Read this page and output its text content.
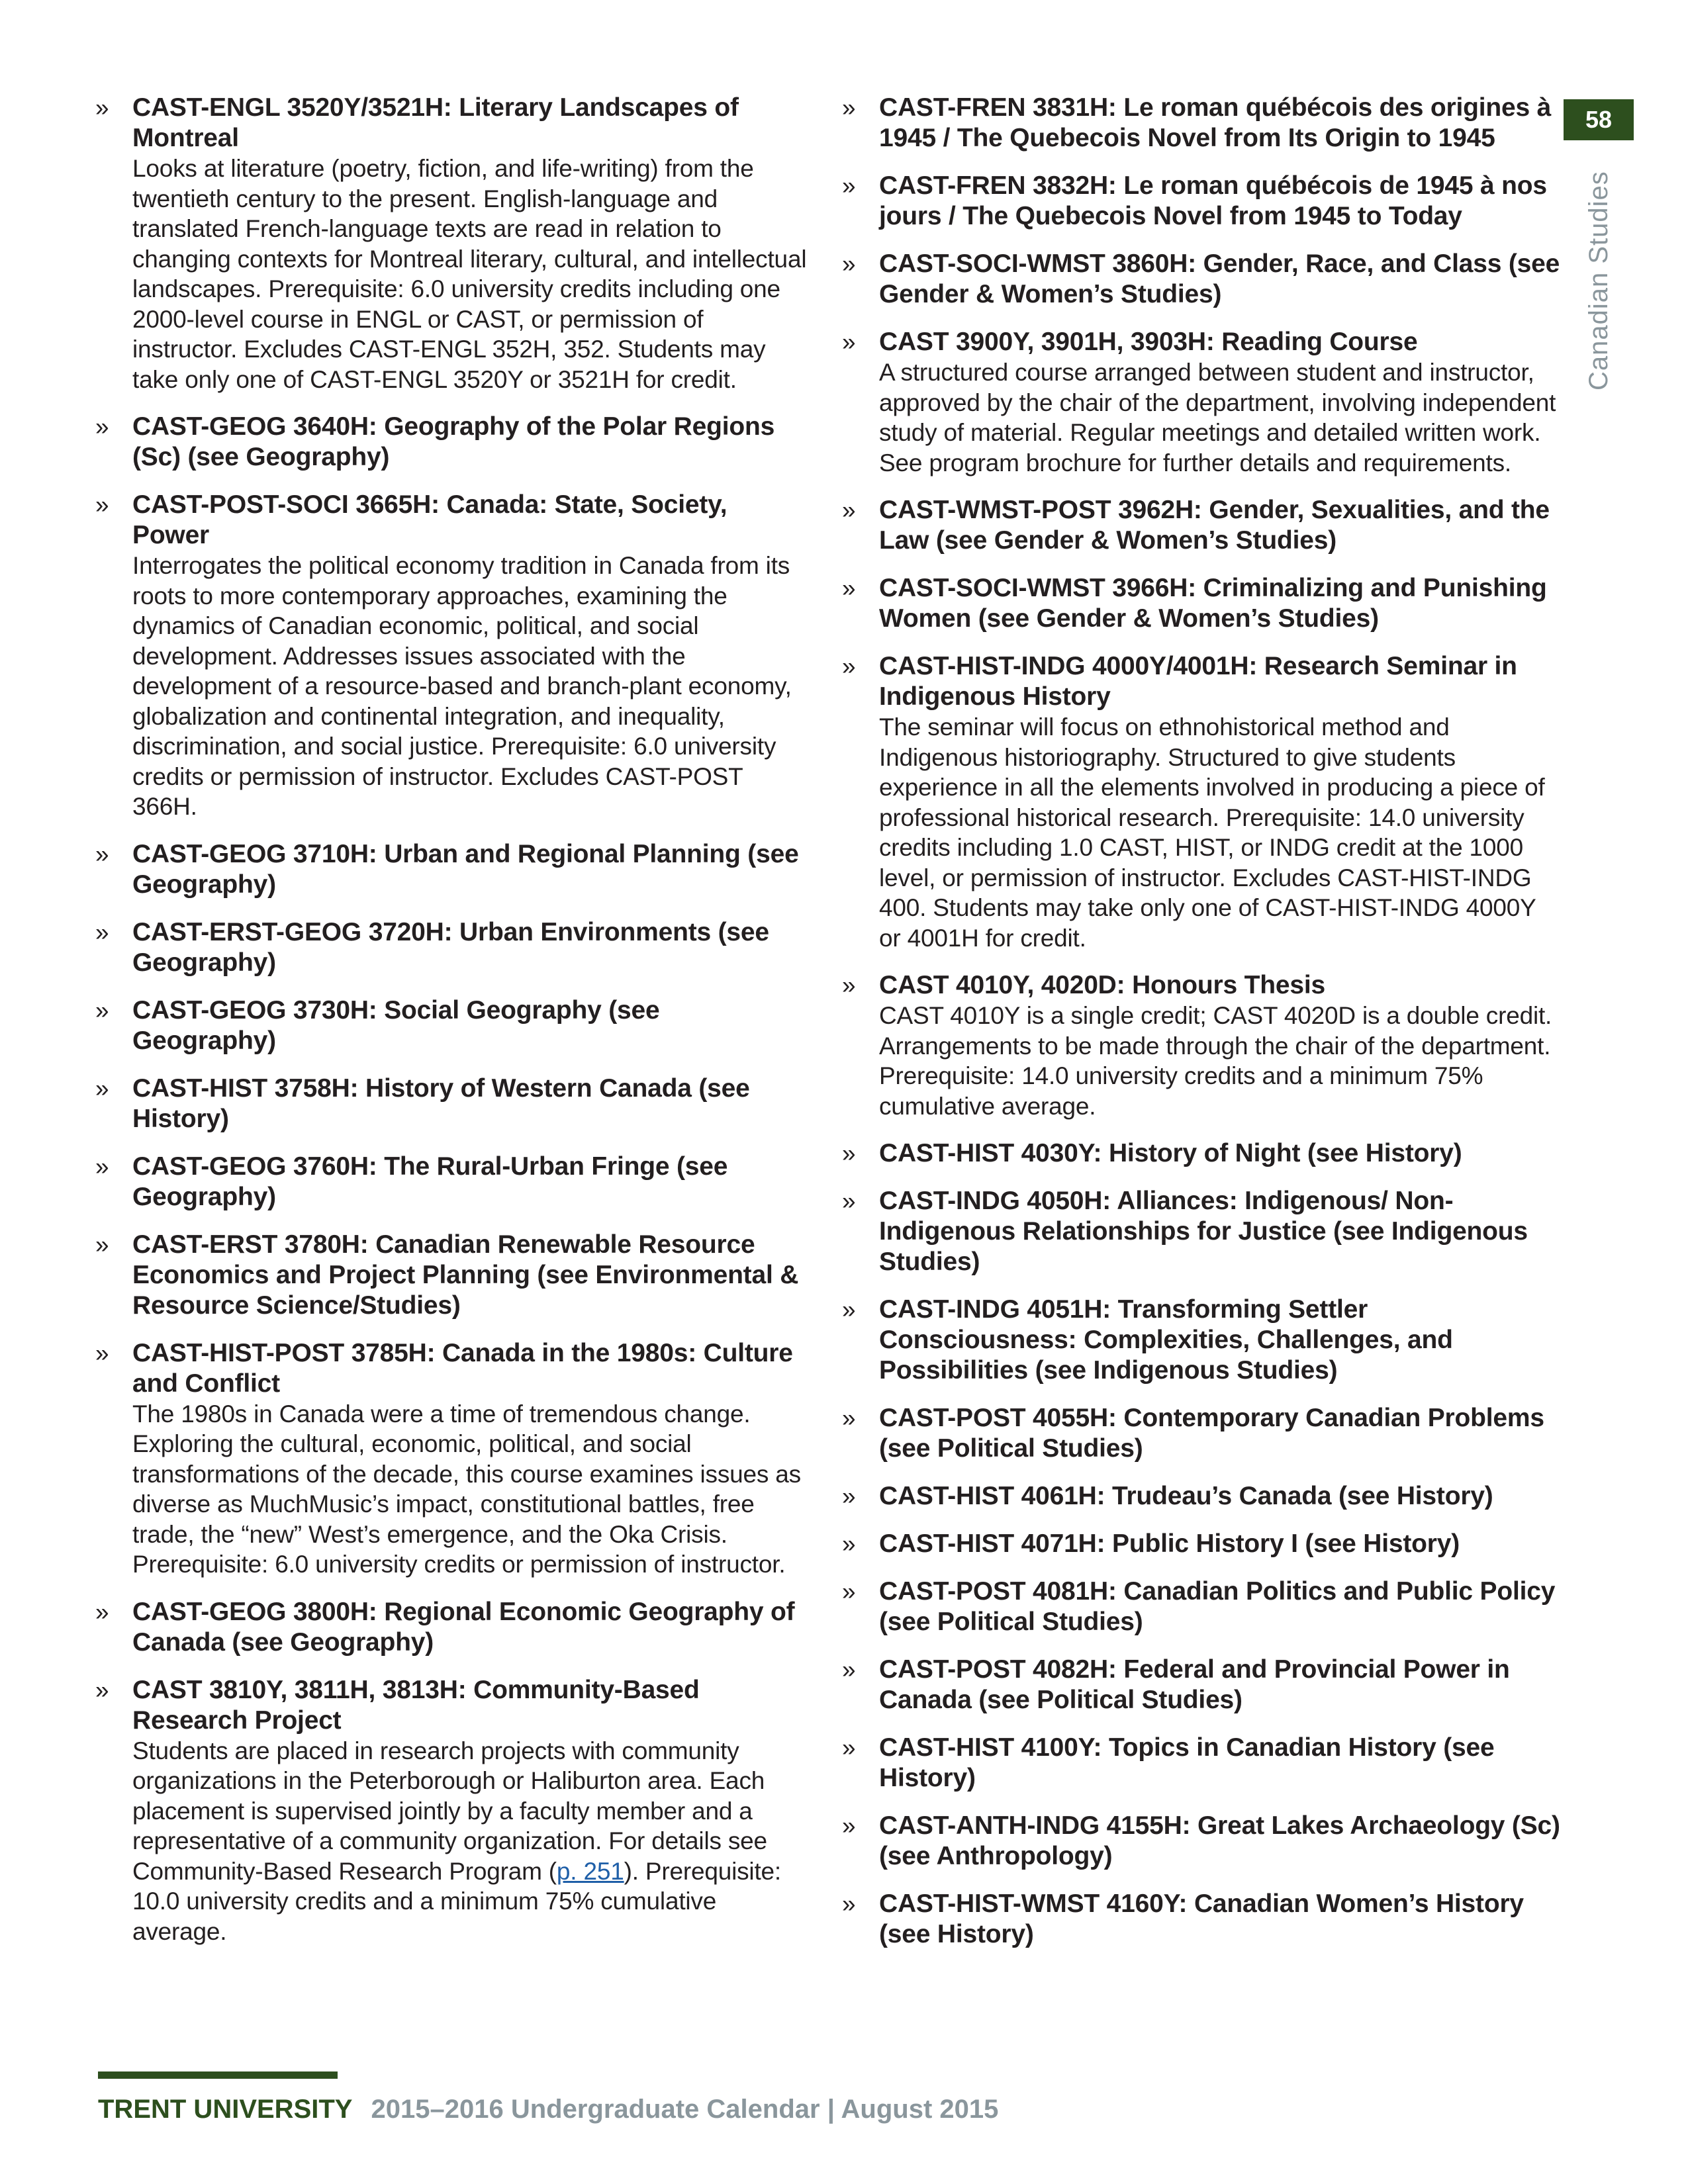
» CAST-ENGL 3520Y/3521H: Literary Landscapes of Montreal
Looks at literature (poetry, fiction, and life-writing) from the twentieth century to the present. English-language and translated French-language texts are read in relation to changing contexts for Montreal literary, cultural, and intellectual landscapes. Prerequisite: 6.0 university credits including one 2000-level course in ENGL or CAST, or permission of instructor. Excludes CAST-ENGL 352H, 352. Students may take only one of CAST-ENGL 3520Y or 3521H for credit.
» CAST-GEOG 3640H: Geography of the Polar Regions (Sc) (see Geography)
» CAST-POST-SOCI 3665H: Canada: State, Society, Power
Interrogates the political economy tradition in Canada from its roots to more contemporary approaches, examining the dynamics of Canadian economic, political, and social development. Addresses issues associated with the development of a resource-based and branch-plant economy, globalization and continental integration, and inequality, discrimination, and social justice. Prerequisite: 6.0 university credits or permission of instructor. Excludes CAST-POST 366H.
» CAST-GEOG 3710H: Urban and Regional Planning (see Geography)
» CAST-ERST-GEOG 3720H: Urban Environments (see Geography)
» CAST-GEOG 3730H: Social Geography (see Geography)
» CAST-HIST 3758H: History of Western Canada (see History)
» CAST-GEOG 3760H: The Rural-Urban Fringe (see Geography)
» CAST-ERST 3780H: Canadian Renewable Resource Economics and Project Planning (see Environmental & Resource Science/Studies)
» CAST-HIST-POST 3785H: Canada in the 1980s: Culture and Conflict
The 1980s in Canada were a time of tremendous change. Exploring the cultural, economic, political, and social transformations of the decade, this course examines issues as diverse as MuchMusic’s impact, constitutional battles, free trade, the “new” West’s emergence, and the Oka Crisis. Prerequisite: 6.0 university credits or permission of instructor.
» CAST-GEOG 3800H: Regional Economic Geography of Canada (see Geography)
» CAST 3810Y, 3811H, 3813H: Community-Based Research Project
Students are placed in research projects with community organizations in the Peterborough or Haliburton area. Each placement is supervised jointly by a faculty member and a representative of a community organization. For details see Community-Based Research Program (p. 251). Prerequisite: 10.0 university credits and a minimum 75% cumulative average.
» CAST-FREN 3831H: Le roman québécois des origines à 1945 / The Quebecois Novel from Its Origin to 1945
» CAST-FREN 3832H: Le roman québécois de 1945 à nos jours / The Quebecois Novel from 1945 to Today
» CAST-SOCI-WMST 3860H: Gender, Race, and Class (see Gender & Women’s Studies)
» CAST 3900Y, 3901H, 3903H: Reading Course
A structured course arranged between student and instructor, approved by the chair of the department, involving independent study of material. Regular meetings and detailed written work. See program brochure for further details and requirements.
» CAST-WMST-POST 3962H: Gender, Sexualities, and the Law (see Gender & Women’s Studies)
» CAST-SOCI-WMST 3966H: Criminalizing and Punishing Women (see Gender & Women’s Studies)
» CAST-HIST-INDG 4000Y/4001H: Research Seminar in Indigenous History
The seminar will focus on ethnohistorical method and Indigenous historiography. Structured to give students experience in all the elements involved in producing a piece of professional historical research. Prerequisite: 14.0 university credits including 1.0 CAST, HIST, or INDG credit at the 1000 level, or permission of instructor. Excludes CAST-HIST-INDG 400. Students may take only one of CAST-HIST-INDG 4000Y or 4001H for credit.
» CAST 4010Y, 4020D: Honours Thesis
CAST 4010Y is a single credit; CAST 4020D is a double credit. Arrangements to be made through the chair of the department. Prerequisite: 14.0 university credits and a minimum 75% cumulative average.
» CAST-HIST 4030Y: History of Night (see History)
» CAST-INDG 4050H: Alliances: Indigenous/ Non-Indigenous Relationships for Justice (see Indigenous Studies)
» CAST-INDG 4051H: Transforming Settler Consciousness: Complexities, Challenges, and Possibilities (see Indigenous Studies)
» CAST-POST 4055H: Contemporary Canadian Problems (see Political Studies)
» CAST-HIST 4061H: Trudeau’s Canada (see History)
» CAST-HIST 4071H: Public History I (see History)
» CAST-POST 4081H: Canadian Politics and Public Policy (see Political Studies)
» CAST-POST 4082H: Federal and Provincial Power in Canada (see Political Studies)
» CAST-HIST 4100Y: Topics in Canadian History (see History)
» CAST-ANTH-INDG 4155H: Great Lakes Archaeology (Sc) (see Anthropology)
» CAST-HIST-WMST 4160Y: Canadian Women’s History (see History)
58
Canadian Studies
TRENT UNIVERSITY 2015–2016 Undergraduate Calendar | August 2015
